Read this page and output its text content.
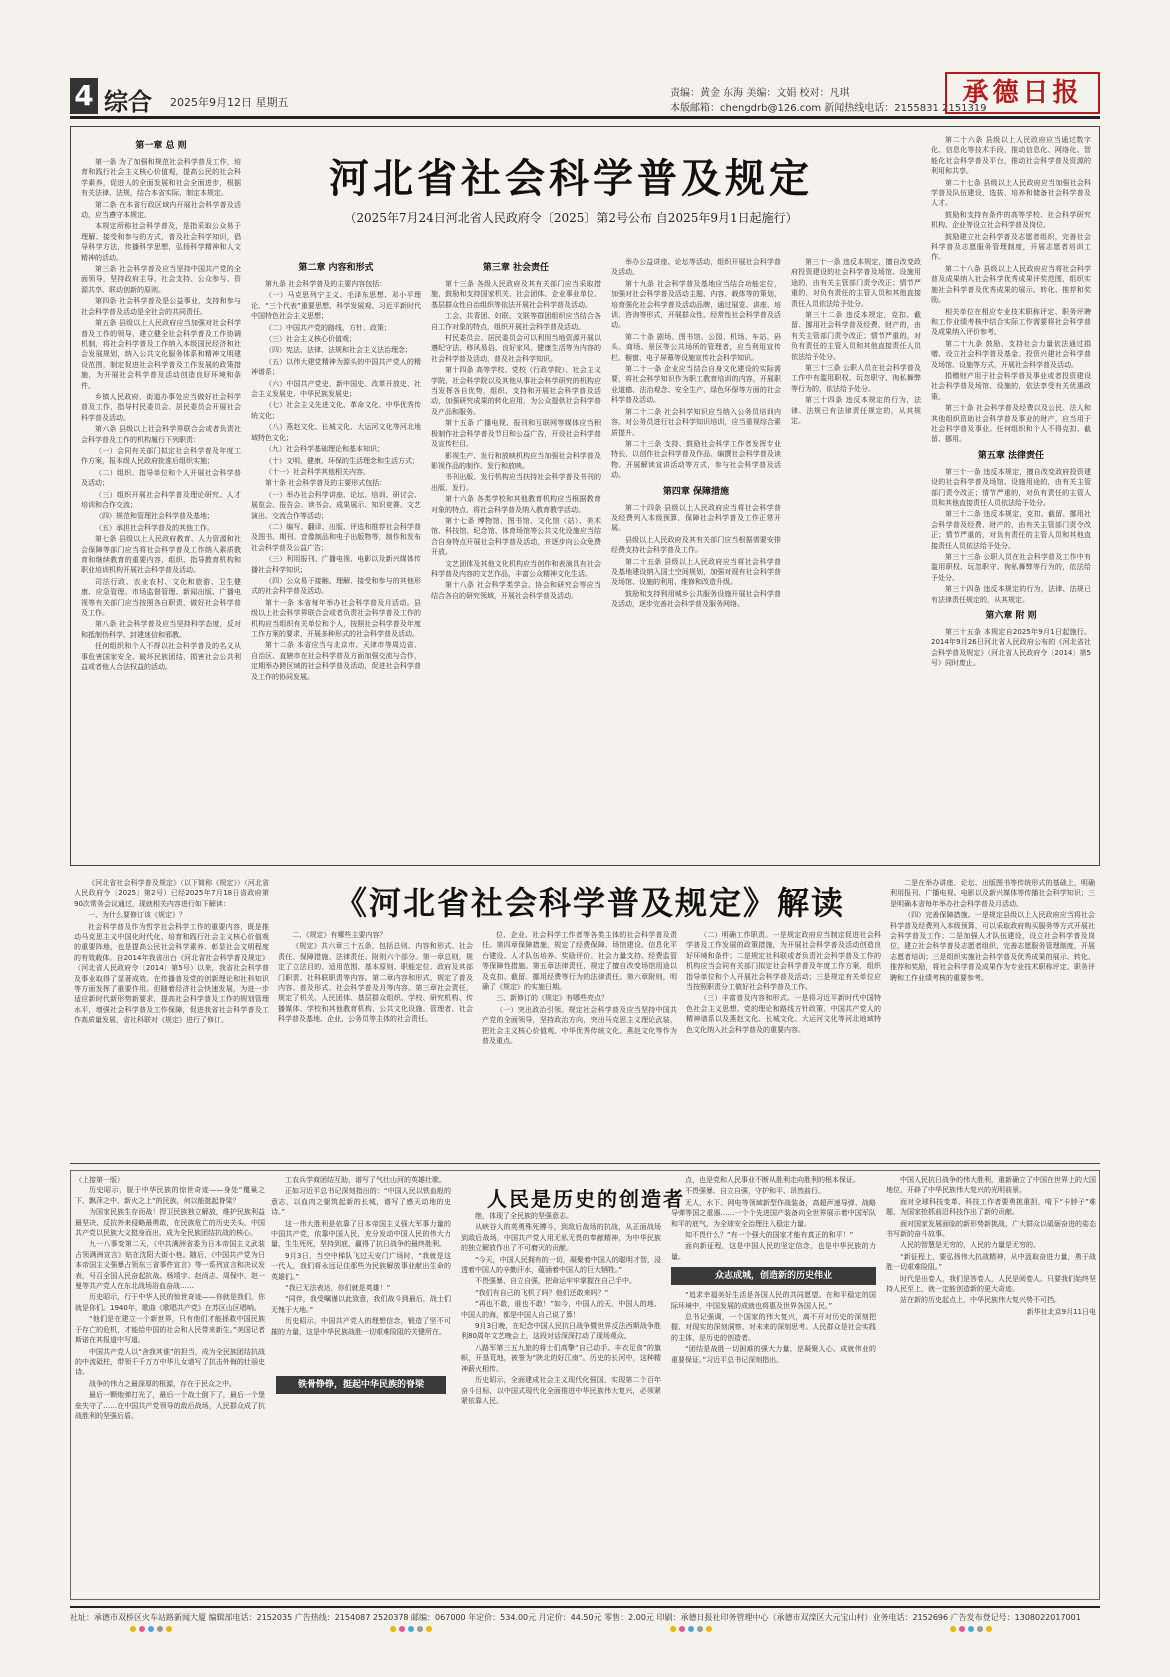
4 综合 2025年9月12日 星期五
责编：黄金 东海 美编：文娟 校对：凡琪
本版邮箱：chengdrb@126.com 新闻热线电话：2155831 2151319
承德日报
河北省社会科学普及规定
（2025年7月24日河北省人民政府令〔2025〕第2号公布 自2025年9月1日起施行）
第一章 总 则

第一条 为了加强和规范社会科学普及工作，培育和践行社会主义核心价值观，提高公民的社会科学素养，促进人的全面发展和社会全面进步，根据有关法律、法规，结合本省实际，制定本规定。

第二条 在本省行政区域内开展社会科学普及活动，应当遵守本规定。

本规定所称社会科学普及，是指采取公众易于理解、接受和参与的方式，普及社会科学知识，倡导科学方法，传播科学思想，弘扬科学精神和人文精神的活动。

第三条 社会科学普及应当坚持中国共产党的全面领导，坚持政府主导、社会支持、公众参与、资源共享、联动创新的原则。

第四条 社会科学普及是公益事业，支持和参与社会科学普及活动是全社会的共同责任。

第五条 县级以上人民政府应当加强对社会科学普及工作的领导，建立健全社会科学普及工作协调机制，将社会科学普及工作纳入本级国民经济和社会发展规划，纳入公共文化服务体系和精神文明建设范围，制定促进社会科学普及工作发展的政策措施，为开展社会科学普及活动创造良好环境和条件。

乡镇人民政府、街道办事处应当做好社会科学普及工作，指导村民委员会、居民委员会开展社会科学普及活动。

第六条 县级以上社会科学界联合会或者负责社会科学普及工作的机构履行下列职责：

（一）会同有关部门拟定社会科学普及年度工作方案，报本级人民政府批准后组织实施；

（二）组织、指导单位和个人开展社会科学普及活动；

（三）组织开展社会科学普及理论研究、人才培训和合作交流；

（四）规范和管理社会科学普及基地；

（五）承担社会科学普及的其他工作。

第七条 县级以上人民政府教育、人力资源和社会保障等部门应当将社会科学普及工作纳入素质教育和继续教育的重要内容，组织、指导教育机构和职业培训机构开展社会科学普及活动。

司法行政、农业农村、文化和旅游、卫生健康、应急管理、市场监督管理、新闻出版、广播电视等有关部门应当按照各自职责，做好社会科学普及工作。

第八条 社会科学普及应当坚持科学态度，反对和抵制伪科学、封建迷信和邪教。

任何组织和个人不得以社会科学普及的名义从事危害国家安全、破坏民族团结、损害社会公共利益或者他人合法权益的活动。

第二章 内容和形式

第九条 社会科学普及的主要内容包括：

（一）马克思列宁主义、毛泽东思想、邓小平理论、“三个代表”重要思想、科学发展观、习近平新时代中国特色社会主义思想；

（二）中国共产党的路线、方针、政策；

（三）社会主义核心价值观；

（四）宪法、法律、法规和社会主义法治理念；

（五）以伟大建党精神为源头的中国共产党人的精神谱系；

（六）中国共产党史、新中国史、改革开放史、社会主义发展史、中华民族发展史；

（七）社会主义先进文化、革命文化、中华优秀传统文化；

（八）燕赵文化、长城文化、大运河文化等河北地域特色文化；

（九）社会科学基础理论和基本知识；

（十）文明、健康、环保的生活理念和生活方式；

（十一）社会科学其他相关内容。

第十条 社会科学普及的主要形式包括：

（一）举办社会科学讲座、论坛、培训、研讨会、展览会、报告会、读书会、成果展示、知识竞赛、文艺演出、交流合作等活动；

（二）编写、翻译、出版、评选和推荐社会科学普及图书、期刊、音像制品和电子出版物等，制作和发布社会科学普及公益广告；

（三）利用报刊、广播电视、电影以及新兴媒体传播社会科学知识；

（四）公众易于接触、理解、接受和参与的其他形式的社会科学普及活动。

第十一条 本省每年举办社会科学普及月活动。县级以上社会科学界联合会或者负责社会科学普及工作的机构应当组织有关单位和个人，按照社会科学普及年度工作方案的要求，开展多种形式的社会科学普及活动。

第十二条 本省应当与北京市、天津市等周边省、自治区、直辖市在社会科学普及方面加强交流与合作，定期举办跨区域的社会科学普及活动，促进社会科学普及工作的协同发展。

第三章 社会责任

第十三条 各级人民政府及其有关部门应当采取措施，鼓励和支持国家机关、社会团体、企业事业单位、基层群众性自治组织等依法开展社会科学普及活动。

工会、共青团、妇联、文联等群团组织应当结合各自工作对象的特点，组织开展社会科学普及活动。

村民委员会、居民委员会可以利用当地资源开展以遵纪守法、移风易俗、良好家风、健康生活等为内容的社会科学普及活动，普及社会科学知识。

第十四条 高等学校、党校（行政学院）、社会主义学院、社会科学院以及其他从事社会科学研究的机构应当发挥各自优势，组织、支持和开展社会科学普及活动，加强研究成果的转化应用，为公众提供社会科学普及产品和服务。

第十五条 广播电视、报刊和互联网等媒体应当积极制作社会科学普及节目和公益广告，开设社会科学普及宣传栏目。

影视生产、发行和放映机构应当加强社会科学普及影视作品的制作、发行和放映。

书刊出版、发行机构应当扶持社会科学普及书刊的出版、发行。

第十六条 各类学校和其他教育机构应当根据教育对象的特点，将社会科学普及纳入教育教学活动。

第十七条 博物馆、图书馆、文化馆（站）、美术馆、科技馆、纪念馆、体育场馆等公共文化设施应当结合自身特点开展社会科学普及活动，并逐步向公众免费开放。

文艺团体及其他文化机构应当创作和表演具有社会科学普及内容的文艺作品，丰富公众精神文化生活。

第十八条 社会科学类学会、协会和研究会等应当结合各自的研究领域，开展社会科学普及活动。

举办公益讲座、论坛等活动，组织开展社会科学普及活动。

第十九条 社会科学普及基地应当结合功能定位，加强对社会科学普及活动主题、内容、载体等的策划，培育强化社会科学普及活动品牌，通过展览、讲座、培训、咨询等形式，开展群众性、经常性社会科学普及活动。

第二十条 剧场、图书馆、公园、机场、车站、码头、商场、景区等公共场所的管理者，应当利用宣传栏、橱窗、电子屏幕等设施宣传社会科学知识。

第二十一条 企业应当结合自身文化建设的实际需要，将社会科学知识作为职工教育培训的内容，开展职业道德、法治观念、安全生产、绿色环保等方面的社会科学普及活动。

第二十二条 社会科学知识应当纳入公务员培训内容。对公务员进行社会科学知识培训，应当重视综合素质提升。

第二十三条 支持、鼓励社会科学工作者发挥专业特长，以创作社会科学普及作品、编撰社会科学普及读物、开展解读宣讲活动等方式，参与社会科学普及活动。

第四章 保障措施

第二十四条 县级以上人民政府应当将社会科学普及经费列入本级预算，保障社会科学普及工作正常开展。

县级以上人民政府及其有关部门应当根据需要安排经费支持社会科学普及工作。

第二十五条 县级以上人民政府应当将社会科学普及基地建设纳入国土空间规划，加强对现有社会科学普及场馆、设施的利用、维修和改造升级。

鼓励和支持利用城乡公共服务设施开展社会科学普及活动，逐步完善社会科学普及服务网络。

第二十六条 县级以上人民政府应当通过数字化、信息化等技术手段，推动信息化、网络化、智能化社会科学普及平台，推动社会科学普及资源的利用和共享。

第二十七条 县级以上人民政府应当加强社会科学普及队伍建设，选拔、培养和储备社会科学普及人才。

鼓励和支持有条件的高等学校、社会科学研究机构、企业等设立社会科学普及岗位。

鼓励建立社会科学普及志愿者组织，完善社会科学普及志愿服务管理制度，开展志愿者培训工作。

第二十八条 县级以上人民政府应当将社会科学普及成果纳入社会科学优秀成果评奖范围，组织实施社会科学普及优秀成果的展示、转化、推荐和奖励。

相关单位在相应专业技术职称评定、职务评聘和工作业绩考核中结合实际工作需要将社会科学普及成果纳入评价参考。

第二十九条 鼓励、支持社会力量依法通过捐赠、设立社会科学普及基金、投资兴建社会科学普及场馆、设施等方式，开展社会科学普及活动。

捐赠财产用于社会科学普及事业或者投资建设社会科学普及场馆、设施的，依法享受有关优惠政策。

第三十条 社会科学普及经费以及公民、法人和其他组织资助社会科学普及事业的财产，应当用于社会科学普及事业。任何组织和个人不得克扣、截留、挪用。

第五章 法律责任

第三十一条 违反本规定，擅自改变政府投资建设的社会科学普及场馆、设施用途的，由有关主管部门责令改正；情节严重的，对负有责任的主管人员和其他直接责任人员依法给予处分。

第三十二条 违反本规定，克扣、截留、挪用社会科学普及经费、财产的，由有关主管部门责令改正；情节严重的，对负有责任的主管人员和其他直接责任人员依法给予处分。

第三十三条 公职人员在社会科学普及工作中有滥用职权、玩忽职守、徇私舞弊等行为的，依法给予处分。

第三十四条 违反本规定的行为，法律、法规已有法律责任规定的，从其规定。

第六章 附 则

第三十五条 本规定自2025年9月1日起施行。2014年9月26日河北省人民政府公布的《河北省社会科学普及规定》（河北省人民政府令〔2014〕第5号）同时废止。

第三十一条 违反本规定，擅自改变政府投资建设的社会科学普及场馆、设施用途的，由有关主管部门责令改正；情节严重的，对负有责任的主管人员和其他直接责任人员依法给予处分。

第三十二条 违反本规定，克扣、截留、挪用社会科学普及经费、财产的，由有关主管部门责令改正；情节严重的，对负有责任的主管人员和其他直接责任人员依法给予处分。

第三十三条 公职人员在社会科学普及工作中有滥用职权、玩忽职守、徇私舞弊等行为的，依法给予处分。

第三十四条 违反本规定的行为，法律、法规已有法律责任规定的，从其规定。

《河北省社会科学普及规定》解读

《河北省社会科学普及规定》（以下简称《规定》）（河北省人民政府令〔2025〕第2号）已经2025年7月18日省政府第90次常务会议通过，现就相关内容进行如下解读：

一、为什么要修订该《规定》？

社会科学普及作为哲学社会科学工作的重要内容，既是推动马克思主义中国化时代化、培育和践行社会主义核心价值观的重要阵地，也是提高公民社会科学素养、彰显社会文明程度的有效载体。自2014年我省出台《河北省社会科学普及规定》（河北省人民政府令〔2014〕第5号）以来，我省社会科学普及事业取得了显著成效。在传播普及党的创新理论和社科知识等方面发挥了重要作用。但随着经济社会快速发展，为进一步适应新时代新形势新要求，提高社会科学普及工作的规划管理水平，增强社会科学普及工作保障，促进我省社会科学普及工作高质量发展，省社科联对《规定》进行了修订。

二、《规定》有哪些主要内容？

《规定》共六章三十五条，包括总则、内容和形式、社会责任、保障措施、法律责任、附则六个部分。第一章总则，规定了立法目的、适用范围、基本原则、职能定位、政府及其部门职责、社科联职责等内容。第二章内容和形式，规定了普及内容、普及形式、社会科学普及月等内容。第三章社会责任，规定了机关、人民团体、基层群众组织、学校、研究机构、传播媒体、学校和其他教育机构、公共文化设施、管理者、社会科学普及基地、企业、公务员等主体的社会责任。

位、企业、社会科学工作者等各类主体的社会科学普及责任。第四章保障措施，规定了经费保障、场馆建设、信息化平台建设、人才队伍培养、奖励评价、社会力量支持、经费监管等保障性措施。第五章法律责任，规定了擅自改变场馆用途以及克扣、截留、挪用经费等行为的法律责任。第六章附则，明确了《规定》的实施日期。

三、新修订的《规定》有哪些亮点？

（一）突出政治引领。规定社会科学普及应当坚持中国共产党的全面领导，坚持政治方向，突出马克思主义理论武装，把社会主义核心价值观、中华优秀传统文化、燕赵文化等作为普及重点。

（二）明确工作职责。一是规定政府应当制定促进社会科学普及工作发展的政策措施，为开展社会科学普及活动创造良好环境和条件；二是规定社科联或者负责社会科学普及工作的机构应当会同有关部门拟定社会科学普及年度工作方案，组织指导单位和个人开展社会科学普及活动；三是规定有关单位应当按照职责分工做好社会科学普及工作。

（三）丰富普及内容和形式。一是将习近平新时代中国特色社会主义思想、党的理论和路线方针政策、中国共产党人的精神谱系以及燕赵文化、长城文化、大运河文化等河北地域特色文化纳入社会科学普及的重要内容。

二是在举办讲座、论坛、出版图书等传统形式的基础上，明确利用报刊、广播电视、电影以及新兴媒体等传播社会科学知识；三是明确本省每年举办社会科学普及月活动。

（四）完善保障措施。一是规定县级以上人民政府应当将社会科学普及经费列入本级预算，可以采取政府购买服务等方式开展社会科学普及工作；二是加强人才队伍建设，设立社会科学普及岗位，建立社会科学普及志愿者组织，完善志愿服务管理制度，开展志愿者培训；三是组织实施社会科学普及优秀成果的展示、转化、推荐和奖励，将社会科学普及成果作为专业技术职称评定、职务评聘和工作业绩考核的重要参考。

人民是历史的创造者
（上接第一版）

历史昭示，脱于中华民族的惊世奇迹——身处“覆巢之下、飘萍之中、新火之上”的民族，何以能挺起脊梁？

为国家民族生存而战！捍卫民族独立解放，维护民族利益最坚决、反抗外来侵略最勇敢，在民族危亡的历史关头，中国共产党以民族大义挺身而出，成为全民族团结抗战的核心。

九一八事变第二天，《中共满洲省委为日本帝国主义武装占领满洲宣言》贴在沈阳大街小巷。随后，《中国共产党为日本帝国主义强暴占领东三省事件宣言》等一系列宣言和决议发表，号召全国人民奋起抗战。杨靖宇、赵尚志、周保中、赵一曼等共产党人在东北战场浴血奋战……

历史昭示，行于中华人民的惊世奇迹——你就是我们，你就是你们。1940年，歌曲《歌唱共产党》在苏区山区唱响。

“他们是在建立一个新世界，只有他们才能拯救中国民族于存亡的危机，才能给中国的社会和人民带来新生。”美国记者斯诺在其报道中写道。

中国共产党人以“舍我其谁”的担当，成为全民族团结抗战的中流砥柱，带领千千万万中华儿女谱写了抗击外侮的壮丽史诗。

战争的伟力之最深厚的根源，存在于民众之中。

最后一颗炮弹打光了，最后一个战士倒下了，最后一个堡垒失守了……在中国共产党领导的敌后战场，人民群众成了抗战胜利的坚强后盾。

工农兵学商团结互助，谱写了气壮山河的英雄壮歌。

正如习近平总书记深刻指出的：“中国人民以铁血般的意志，以血肉之躯筑起新的长城，谱写了感天动地的史诗。”

这一伟大胜利是依靠了日本帝国主义强大军事力量的中国共产党，依靠中国人民，充分发动中国人民的伟大力量，生生死死，坚持到底，赢得了抗日战争的最终胜利。

9月3日，当空中梯队飞过天安门广场时，“我就是这一代人，我们将永远记住那些为民族解放事业献出生命的英雄们。”

“我已无法表达，你们就是英雄！”

“同伴，我受嘱谨以此致意，我们战斗到最后，战士们无愧于大地。”

历史昭示，中国共产党人的理想信念，锻造了坚不可摧的力量，这是中华民族战胜一切艰难险阻的关键所在。

绝，体现了全民族的坚强意志。

从峡谷人的英勇殊死搏斗，到敌后战场的抗战，从正面战场到敌后战场，中国共产党人用无私无畏的奉献精神，为中华民族的独立解放作出了不可磨灭的贡献。

“今天，中国人民拥有的一切，凝聚着中国人的聪明才智，浸透着中国人的辛勤汗水，蕴涵着中国人的巨大牺牲。”

不畏强暴、自立自强，把命运牢牢掌握在自己手中。

“我们有自己的飞机了吗？他们还敢来吗？”

“再也不敢，谁也不敢！”如今，中国人的天、中国人的地、中国人的海，都是中国人自己说了算！

9月3日晚，在纪念中国人民抗日战争暨世界反法西斯战争胜利80周年文艺晚会上，这段对话深深打动了现场观众。

八路军第三五九旅的将士们高擎“自己动手、丰衣足食”的旗帜，开垦荒地，被誉为“陕北的好江南”。历史的长河中，这种精神薪火相传。

历史昭示，全面建成社会主义现代化强国，实现第二个百年奋斗目标，以中国式现代化全面推进中华民族伟大复兴，必须紧紧依靠人民。

点，也是党和人民事业不断从胜利走向胜利的根本保证。

不畏强暴、自立自强，守护和平、昂然前行。

无人、水下、网电等领域新型作战装备，高超声速导弹、战略导弹等国之重器……一个个先进国产装备向全世界展示着中国军队和平的底气，为全球安全治理注入稳定力量。

知不畏什么？“有一个强大的国家才能有真正的和平！”

面向新征程，这是中国人民的坚定信念，也是中华民族的力量。

众志成城，创造新的历史伟业

“追求幸福美好生活是各国人民的共同愿望。在和平稳定的国际环境中，中国发展的成就也将惠及世界各国人民。”

总书记强调，一个国家的伟大复兴，离不开对历史的深刻把握、对现实的深刻洞察、对未来的深刻思考。人民群众是社会实践的主体，是历史的创造者。

“团结是战胜一切困难的强大力量，是凝聚人心、成就伟业的重要保证。”习近平总书记深刻指出。

中国人民抗日战争的伟大胜利，重新确立了中国在世界上的大国地位，开辟了中华民族伟大复兴的光明前景。

面对全球科技变革、科技工作者要勇挑重担，啃下“卡脖子”难题，为国家抢抓前沿科技作出了新的贡献。

面对国家发展面临的新形势新挑战，广大群众以砥砺奋进的姿态书写新的奋斗故事。

人民的智慧是无穷的，人民的力量是无穷的。

“新征程上，要弘扬伟大抗战精神，从中汲取奋进力量，勇于战胜一切艰难险阻。”

时代是出卷人，我们是答卷人，人民是阅卷人。只要我们始终坚持人民至上，就一定能创造新的更大奇迹。

站在新的历史起点上，中华民族伟大复兴势不可挡。

新华社北京9月11日电
铁骨铮铮，挺起中华民族的脊梁
社址：承德市双桥区火车站路新闻大厦 编辑部电话：2152035 广告热线：2154087 2520378 邮编：067000 年定价：534.00元 月定价：44.50元 零售：2.00元 印刷：承德日报社印务管理中心（承德市双滦区大元宝山村）业务电话：2152696 广告发布登记号：1308022017001
